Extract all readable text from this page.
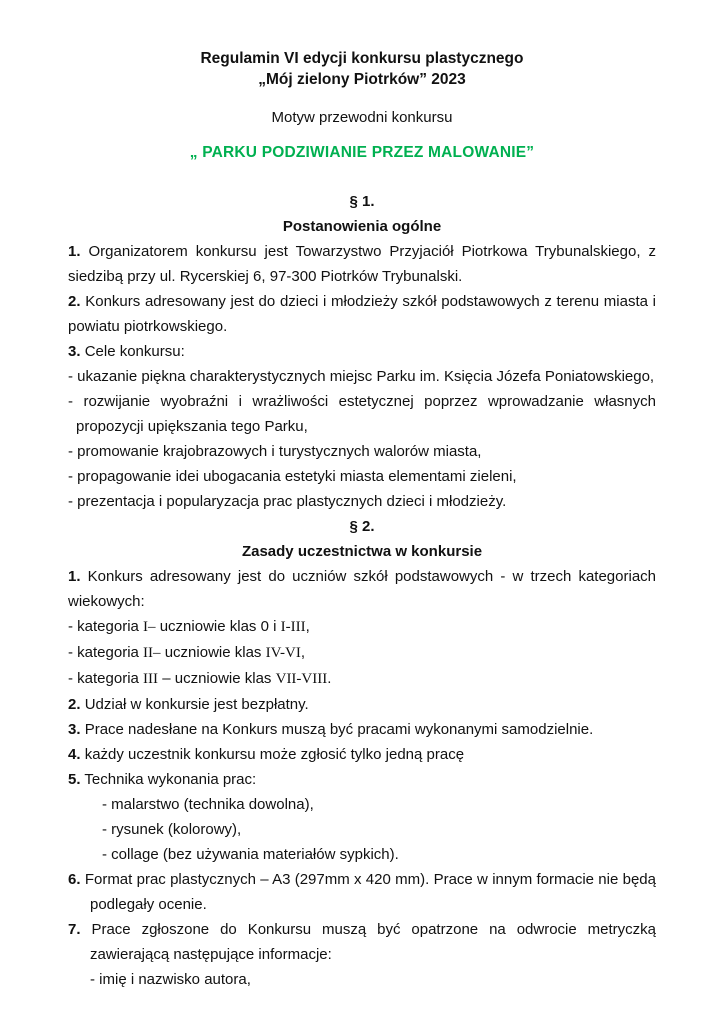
Regulamin VI edycji konkursu plastycznego
„Mój zielony Piotrków” 2023
Motyw przewodni konkursu
„ PARKU PODZIWIANIE PRZEZ MALOWANIE”
§ 1.
Postanowienia ogólne
1. Organizatorem konkursu jest Towarzystwo Przyjaciół Piotrkowa Trybunalskiego, z siedzibą przy ul. Rycerskiej 6, 97-300 Piotrków Trybunalski.
2. Konkurs adresowany jest do dzieci i młodzieży szkół podstawowych z terenu miasta i powiatu piotrkowskiego.
3. Cele konkursu:
- ukazanie piękna charakterystycznych miejsc Parku im. Księcia Józefa Poniatowskiego,
- rozwijanie wyobraźni i wrażliwości estetycznej poprzez wprowadzanie własnych propozycji upiększania tego Parku,
- promowanie krajobrazowych i turystycznych walorów miasta,
- propagowanie idei ubogacania estetyki miasta elementami zieleni,
- prezentacja i popularyzacja prac plastycznych dzieci i młodzieży.
§ 2.
Zasady uczestnictwa w konkursie
1. Konkurs adresowany jest do uczniów szkół podstawowych - w trzech kategoriach wiekowych:
- kategoria I– uczniowie klas 0 i I-III,
- kategoria II– uczniowie klas IV-VI,
- kategoria III – uczniowie klas VII-VIII.
2. Udział w konkursie jest bezpłatny.
3. Prace nadesłane na Konkurs muszą być pracami wykonanymi samodzielnie.
4. każdy uczestnik konkursu może zgłosić tylko jedną pracę
5. Technika wykonania prac:
- malarstwo (technika dowolna),
- rysunek (kolorowy),
- collage (bez używania materiałów sypkich).
6. Format prac plastycznych – A3 (297mm x 420 mm). Prace w innym formacie nie będą podlegały ocenie.
7. Prace zgłoszone do Konkursu muszą być opatrzone na odwrocie metryczką zawierającą następujące informacje:
- imię i nazwisko autora,
